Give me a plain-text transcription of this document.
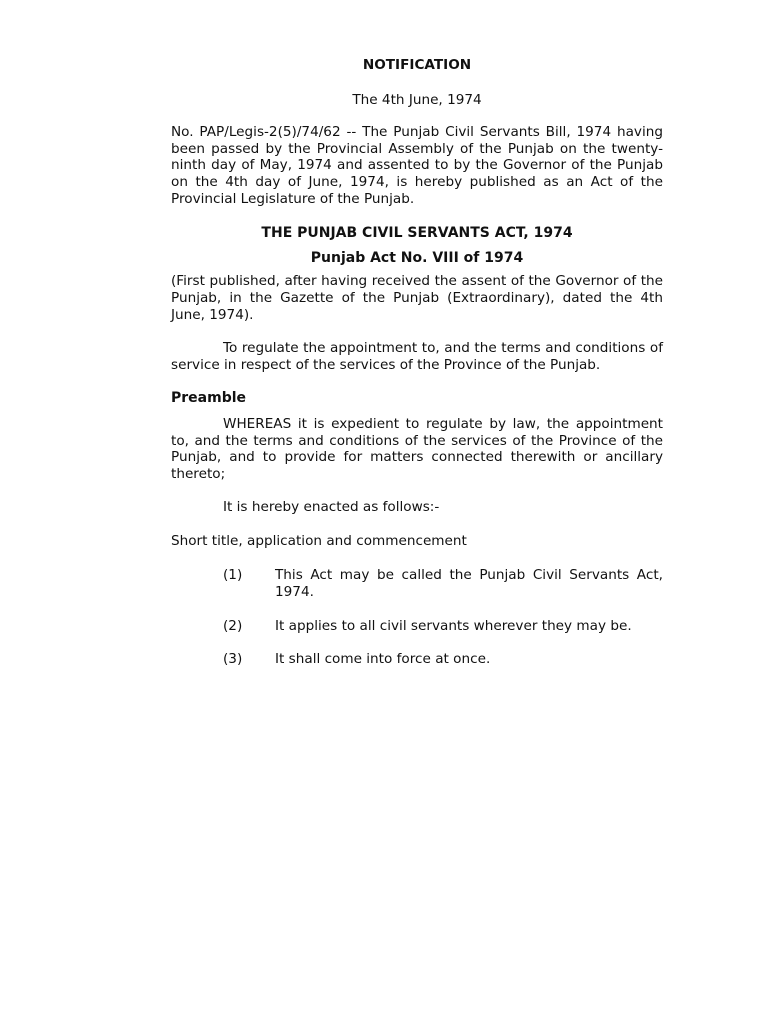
NOTIFICATION

The 4th June, 1974

No. PAP/Legis-2(5)/74/62 -- The Punjab Civil Servants Bill, 1974 having been passed by the Provincial Assembly of the Punjab on the twenty-ninth day of May, 1974 and assented to by the Governor of the Punjab on the 4th day of June, 1974, is hereby published as an Act of the Provincial Legislature of the Punjab.

THE PUNJAB CIVIL SERVANTS ACT, 1974

Punjab Act No. VIII of 1974

(First published, after having received the assent of the Governor of the Punjab, in the Gazette of the Punjab (Extraordinary), dated the 4th June, 1974).

To regulate the appointment to, and the terms and conditions of service in respect of the services of the Province of the Punjab.

Preamble

WHEREAS it is expedient to regulate by law, the appointment to, and the terms and conditions of the services of the Province of the Punjab, and to provide for matters connected therewith or ancillary thereto;

It is hereby enacted as follows:-

Short title, application and commencement

(1)	This Act may be called the Punjab Civil Servants Act, 1974.
(2)	It applies to all civil servants wherever they may be.
(3)	It shall come into force at once.
